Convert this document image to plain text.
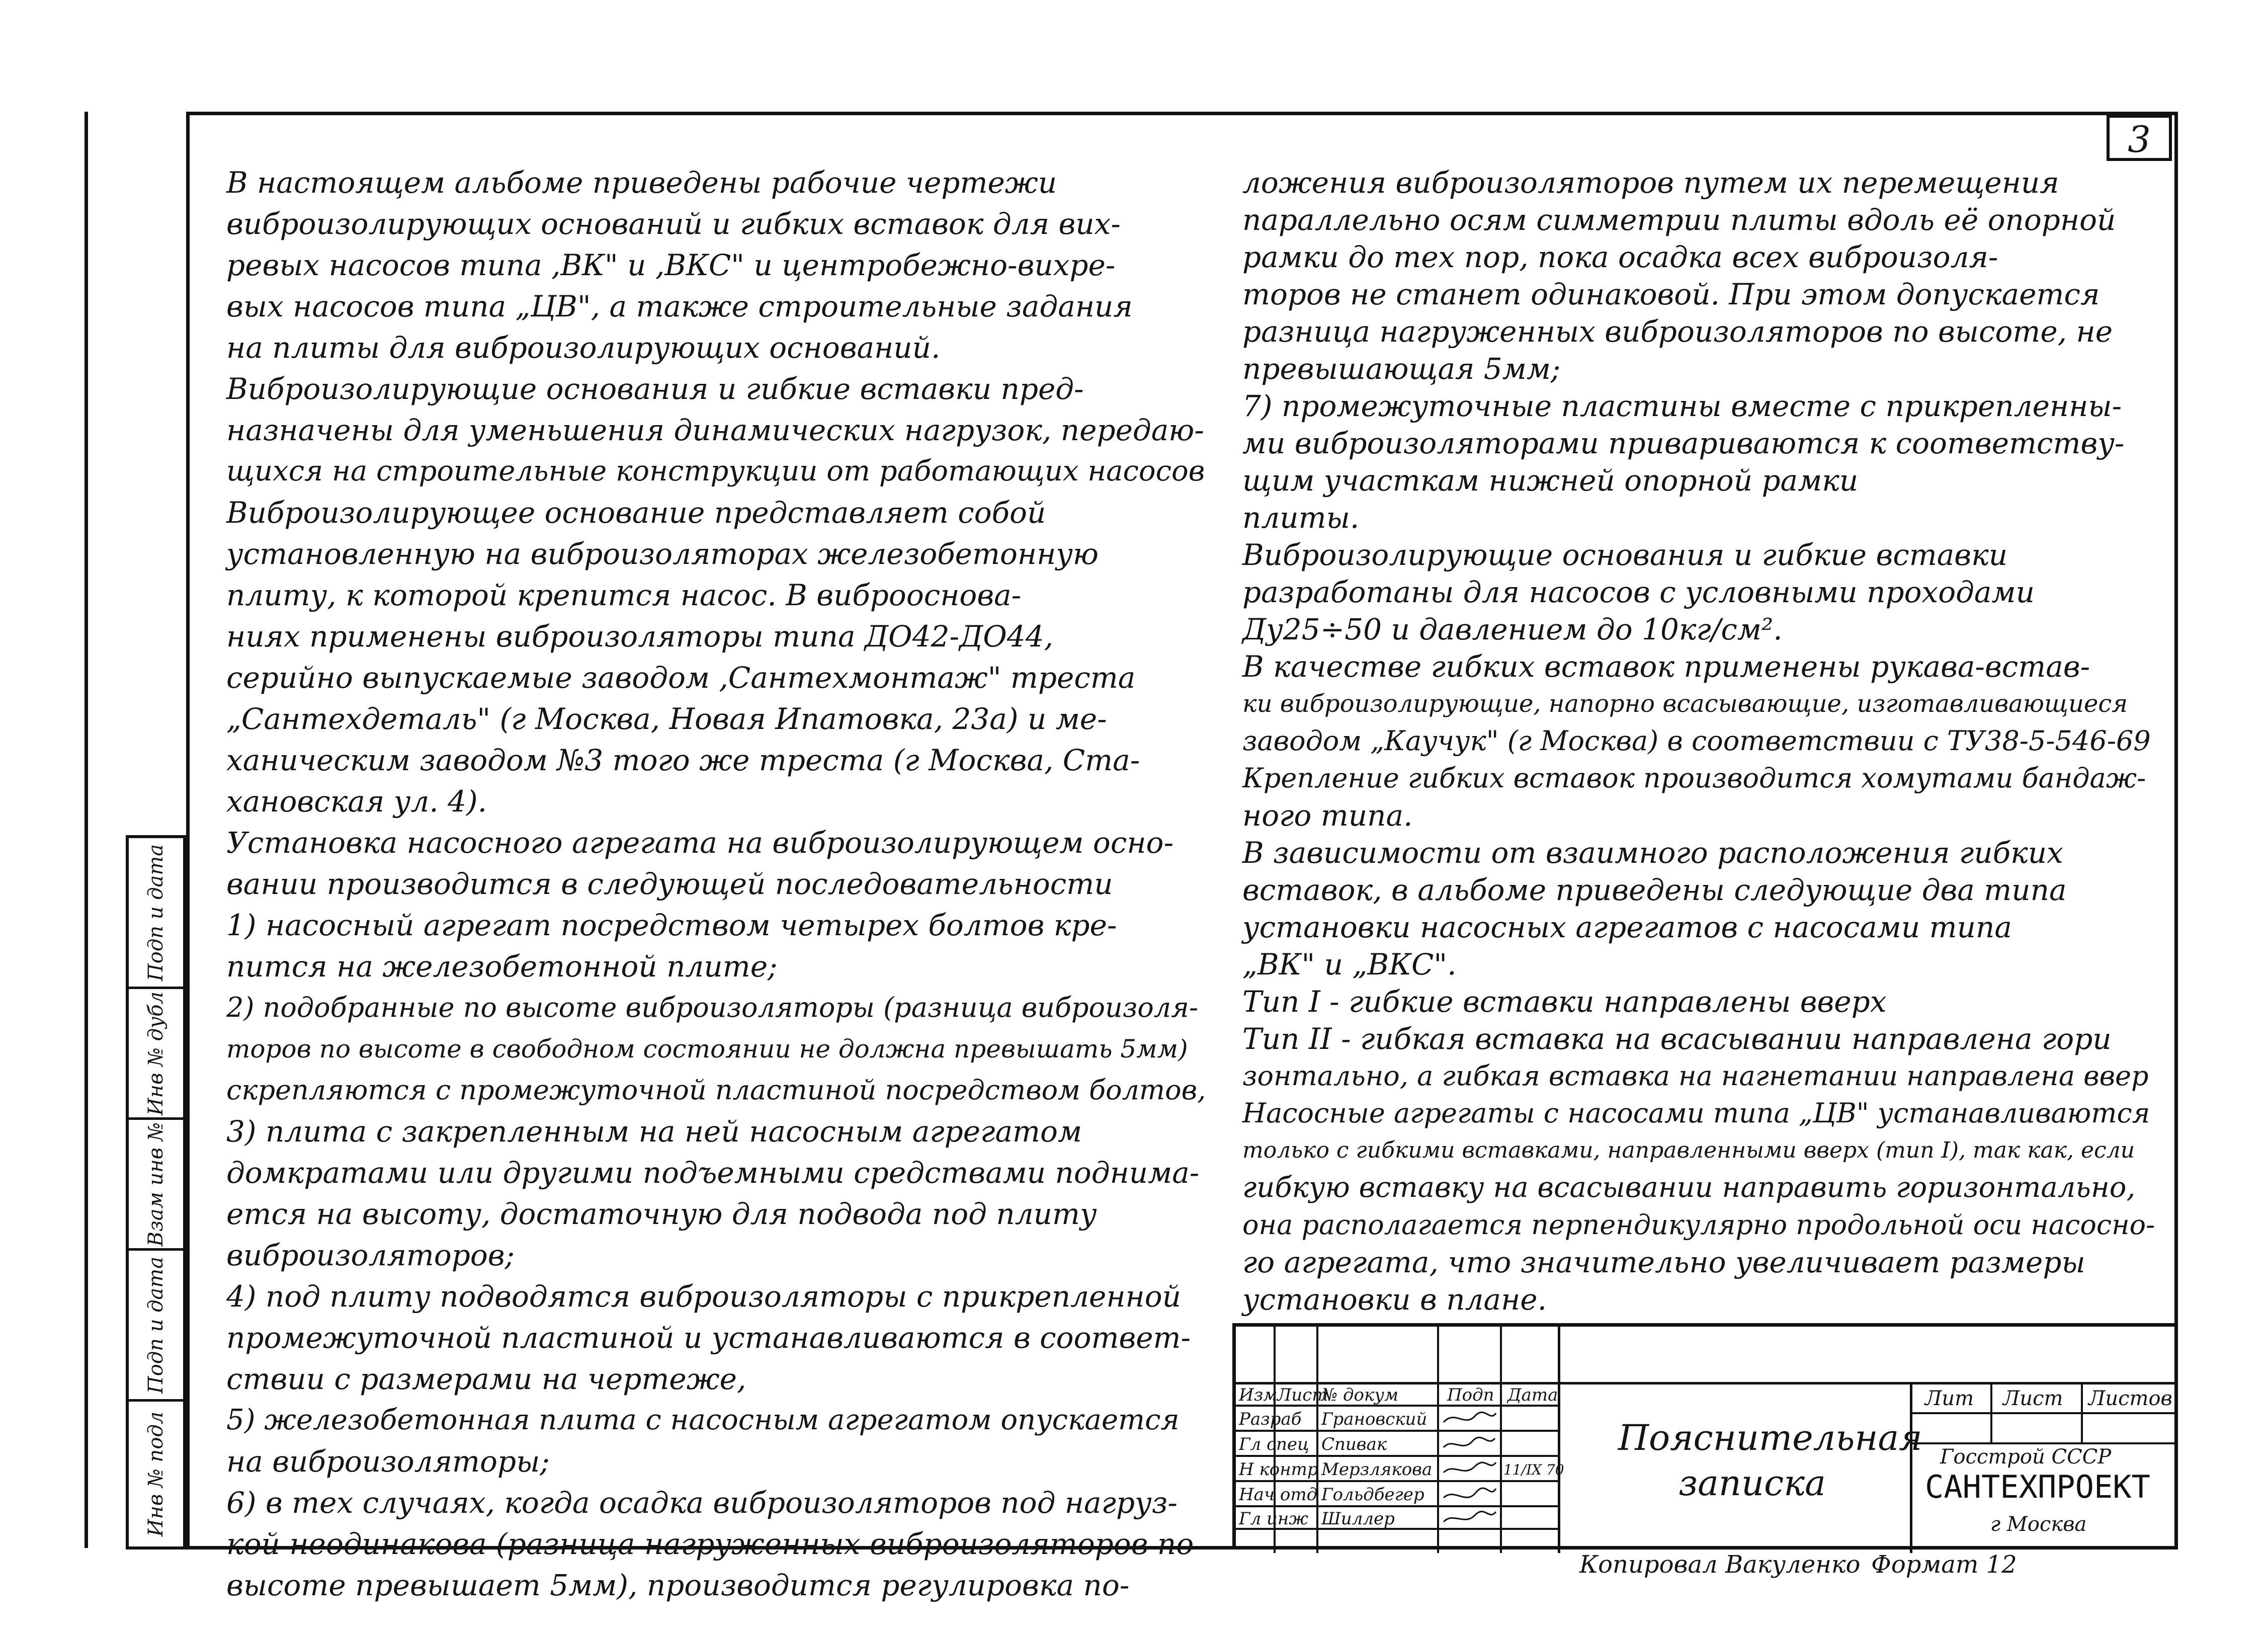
3
Подп и дата
Инв № дубл
Взам инв №
Подп и дата
Инв № подл
В настоящем альбоме приведены рабочие чертежи
виброизолирующих оснований и гибких вставок для вих-
ревых насосов типа ,ВК" и ,ВКС" и центробежно-вихре-
вых насосов типа „ЦВ", а также строительные задания
на плиты для виброизолирующих оснований.
Виброизолирующие основания и гибкие вставки пред-
назначены для уменьшения динамических нагрузок, передаю-
щихся на строительные конструкции от работающих насосов
Виброизолирующее основание представляет собой
установленную на виброизоляторах железобетонную
плиту, к которой крепится насос. В виброоснова-
ниях применены виброизоляторы типа ДО42-ДО44,
серийно выпускаемые заводом ,Сантехмонтаж" треста
„Сантехдеталь" (г Москва, Новая Ипатовка, 23а) и ме-
ханическим заводом №3 того же треста (г Москва, Ста-
хановская ул. 4).
Установка насосного агрегата на виброизолирующем осно-
вании производится в следующей последовательности
1) насосный агрегат посредством четырех болтов кре-
пится на железобетонной плите;
2) подобранные по высоте виброизоляторы (разница виброизоля-
торов по высоте в свободном состоянии не должна превышать 5мм)
скрепляются с промежуточной пластиной посредством болтов,
3) плита с закрепленным на ней насосным агрегатом
домкратами или другими подъемными средствами поднима-
ется на высоту, достаточную для подвода под плиту
виброизоляторов;
4) под плиту подводятся виброизоляторы с прикрепленной
промежуточной пластиной и устанавливаются в соответ-
ствии с размерами на чертеже,
5) железобетонная плита с насосным агрегатом опускается
на виброизоляторы;
6) в тех случаях, когда осадка виброизоляторов под нагруз-
кой неодинакова (разница нагруженных виброизоляторов по
высоте превышает 5мм), производится регулировка по-
ложения виброизоляторов путем их перемещения
параллельно осям симметрии плиты вдоль её опорной
рамки до тех пор, пока осадка всех виброизоля-
торов не станет одинаковой. При этом допускается
разница нагруженных виброизоляторов по высоте, не
превышающая 5мм;
7) промежуточные пластины вместе с прикрепленны-
ми виброизоляторами привариваются к соответству-
щим участкам нижней опорной рамки
плиты.
Виброизолирующие основания и гибкие вставки
разработаны для насосов с условными проходами
Ду25÷50 и давлением до 10кг/см².
В качестве гибких вставок применены рукава-встав-
ки виброизолирующие, напорно всасывающие, изготавливающиеся
заводом „Каучук" (г Москва) в соответствии с ТУ38-5-546-69
Крепление гибких вставок производится хомутами бандаж-
ного типа.
В зависимости от взаимного расположения гибких
вставок, в альбоме приведены следующие два типа
установки насосных агрегатов с насосами типа
„ВК" и „ВКС".
Тип I - гибкие вставки направлены вверх
Тип II - гибкая вставка на всасывании направлена гори
зонтально, а гибкая вставка на нагнетании направлена ввер
Насосные агрегаты с насосами типа „ЦВ" устанавливаются
только с гибкими вставками, направленными вверх (тип I), так как, если
гибкую вставку на всасывании направить горизонтально,
она располагается перпендикулярно продольной оси насосно-
го агрегата, что значительно увеличивает размеры
установки в плане.
Изм Лист
№ докум	Подп Дата
Разраб
Гл спец
Н контр
Нач отд
Гл инж
Грановский
Спивак
Мерзлякова
Гольдбегер
Шиллер
11/IX 70
Пояснительная
записка
Лит Лист Листов
Госстрой СССР
САНТЕХПРОЕКТ
г Москва
Копировал Вакуленко Формат 12
